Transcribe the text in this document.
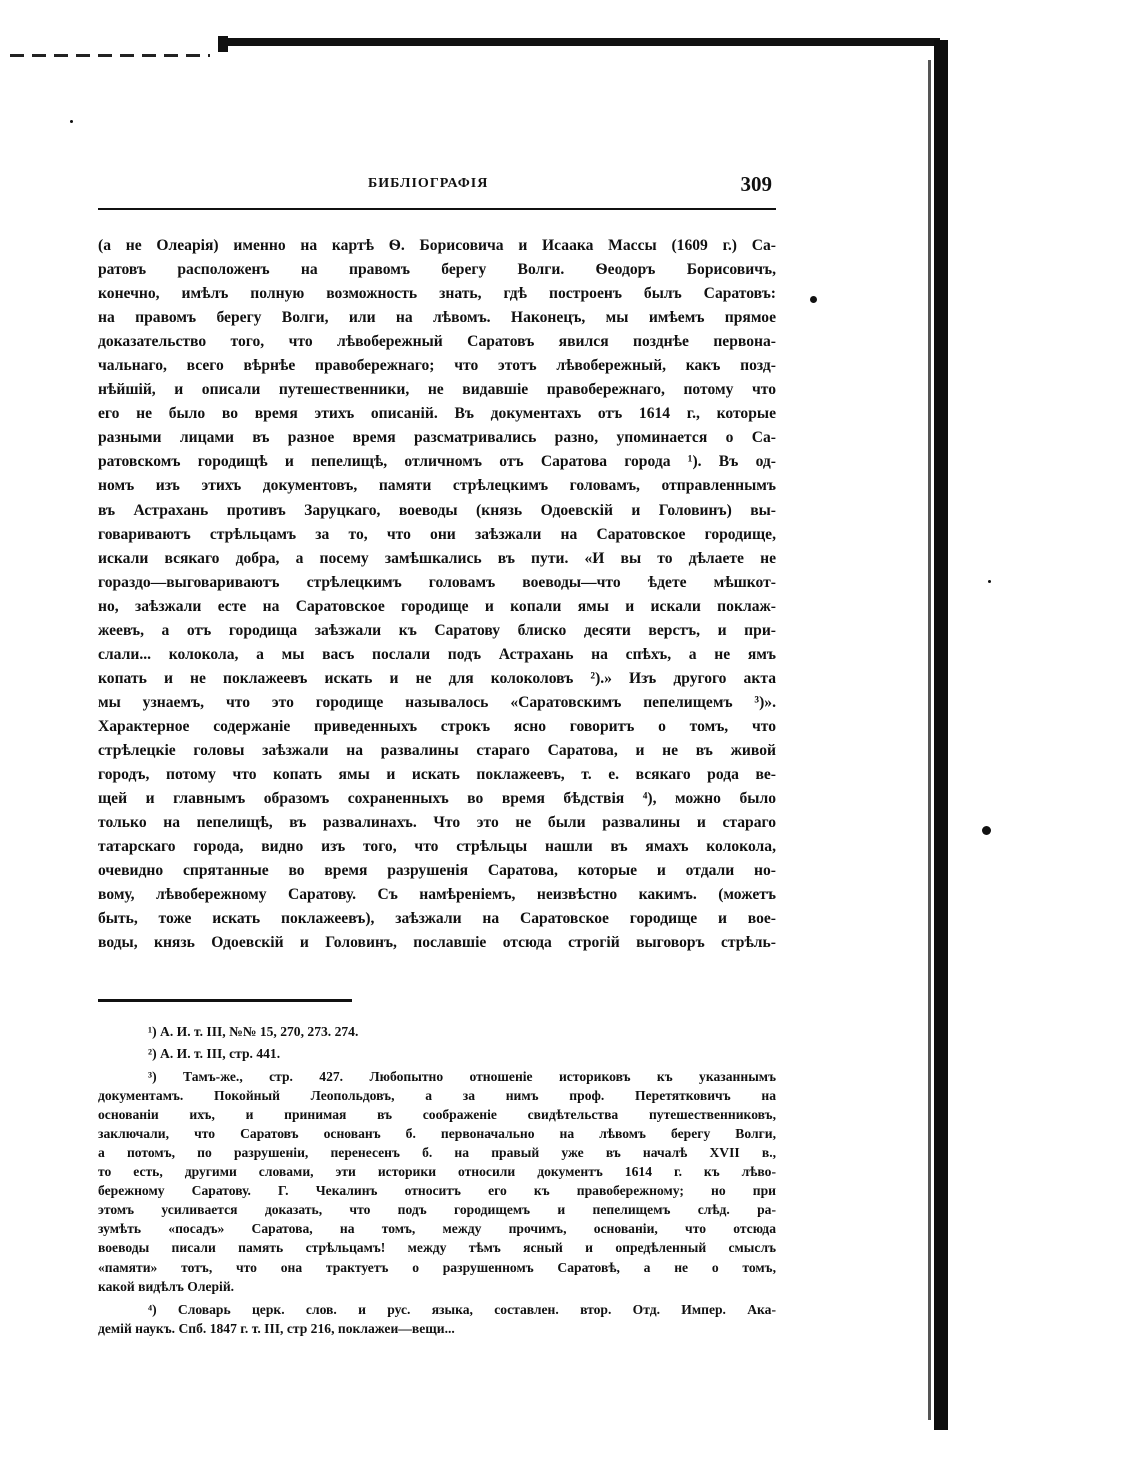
БИБЛІОГРАФІЯ	309
(а не Олеарія) именно на картѣ Ѳ. Борисовича и Исаака Массы (1609 г.) Са-
ратовъ расположенъ на правомъ берегу Волги. Ѳеодоръ Борисовичъ,
конечно, имѣлъ полную возможность знать, гдѣ построенъ былъ Саратовъ:
на правомъ берегу Волги, или на лѣвомъ. Наконецъ, мы имѣемъ прямое
доказательство того, что лѣвобережный Саратовъ явился позднѣе первона-
чальнаго, всего вѣрнѣе правобережнаго; что этотъ лѣвобережный, какъ позд-
нѣйшій, и описали путешественники, не видавшіе правобережнаго, потому что
его не было во время этихъ описаній. Въ документахъ отъ 1614 г., которые
разными лицами въ разное время разсматривались разно, упоминается о Са-
ратовскомъ городищѣ и пепелищѣ, отличномъ отъ Саратова города ¹). Въ од-
номъ изъ этихъ документовъ, памяти стрѣлецкимъ головамъ, отправленнымъ
въ Астрахань противъ Заруцкаго, воеводы (князь Одоевскій и Головинъ) вы-
говариваютъ стрѣльцамъ за то, что они заѣзжали на Саратовское городище,
искали всякаго добра, а посему замѣшкались въ пути. «И вы то дѣлаете не
гораздо—выговариваютъ стрѣлецкимъ головамъ воеводы—что ѣдете мѣшкот-
но, заѣзжали есте на Саратовское городище и копали ямы и искали поклаж-
жеевъ, а отъ городища заѣзжали къ Саратову блиско десяти верстъ, и при-
слали... колокола, а мы васъ послали подъ Астрахань на спѣхъ, а не ямъ
копать и не поклажеевъ искать и не для колоколовъ ²).» Изъ другого акта
мы узнаемъ, что это городище называлось «Саратовскимъ пепелищемъ ³)».
Характерное содержаніе приведенныхъ строкъ ясно говоритъ о томъ, что
стрѣлецкіе головы заѣзжали на развалины стараго Саратова, и не въ живой
городъ, потому что копать ямы и искать поклажеевъ, т. е. всякаго рода ве-
щей и главнымъ образомъ сохраненныхъ во время бѣдствія ⁴), можно было
только на пепелищѣ, въ развалинахъ. Что это не были развалины и стараго
татарскаго города, видно изъ того, что стрѣльцы нашли въ ямахъ колокола,
очевидно спрятанные во время разрушенія Саратова, которые и отдали но-
вому, лѣвобережному Саратову. Съ намѣреніемъ, неизвѣстно какимъ. (можетъ
быть, тоже искать поклажеевъ), заѣзжали на Саратовское городище и вое-
воды, князь Одоевскій и Головинъ, пославшіе отсюда строгій выговоръ стрѣль-
¹) А. И. т. III, №№ 15, 270, 273. 274.
²) А. И. т. III, стр. 441.
³) Тамъ-же., стр. 427. Любопытно отношеніе историковъ къ указаннымъ
документамъ. Покойный Леопольдовъ, а за нимъ проф. Перетятковичъ на
основаніи ихъ, и принимая въ соображеніе свидѣтельства путешественниковъ,
заключали, что Саратовъ основанъ б. первоначально на лѣвомъ берегу Волги,
а потомъ, по разрушеніи, перенесенъ б. на правый уже въ началѣ XVII в.,
то есть, другими словами, эти историки относили документъ 1614 г. къ лѣво-
бережному Саратову. Г. Чекалинъ относитъ его къ правобережному; но при
этомъ усиливается доказать, что подъ городищемъ и пепелищемъ слѣд. ра-
зумѣть «посадъ» Саратова, на томъ, между прочимъ, основаніи, что отсюда
воеводы писали память стрѣльцамъ! между тѣмъ ясный и опредѣленный смыслъ
«памяти» тотъ, что она трактуетъ о разрушенномъ Саратовѣ, а не о томъ,
какой видѣлъ Олерій.
⁴) Словарь церк. слов. и рус. языка, составлен. втор. Отд. Импер. Ака-
демій наукъ. Спб. 1847 г. т. III, стр 216, поклажеи—вещи...
